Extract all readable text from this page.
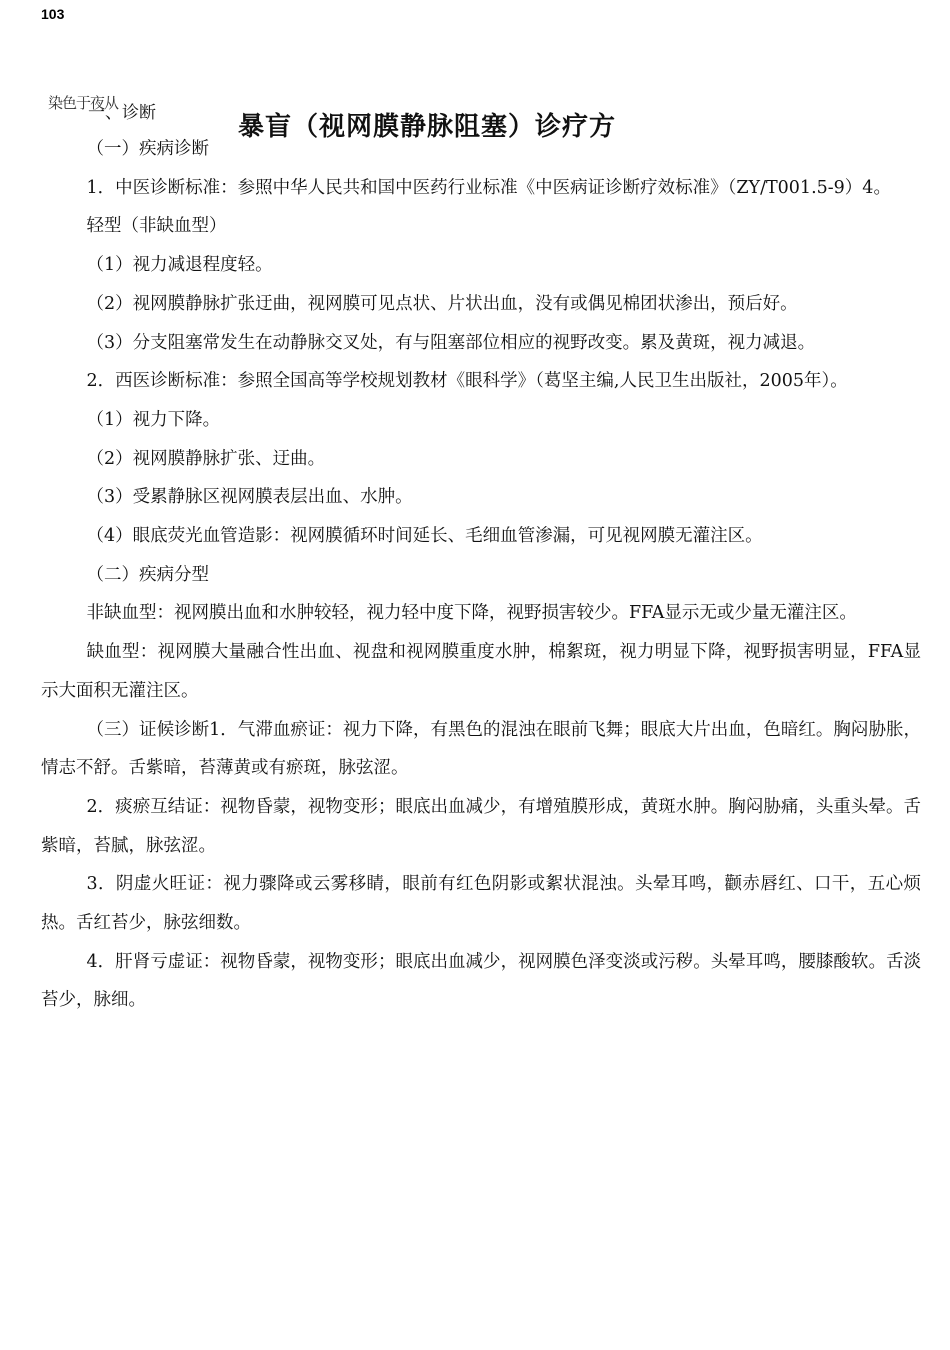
103
染色于夜从
一、诊断	暴盲（视网膜静脉阻塞）诊疗方

（一）疾病诊断

1．中医诊断标准：参照中华人民共和国中医药行业标准《中医病证诊断疗效标准》（ZY/T001.5-9）4。

轻型（非缺血型）

（1）视力减退程度轻。

（2）视网膜静脉扩张迂曲，视网膜可见点状、片状出血，没有或偶见棉团状渗出，预后好。

（3）分支阻塞常发生在动静脉交叉处，有与阻塞部位相应的视野改变。累及黄斑，视力减退。

2．西医诊断标准：参照全国高等学校规划教材《眼科学》（葛坚主编,人民卫生出版社，2005年）。

（1）视力下降。

（2）视网膜静脉扩张、迂曲。

（3）受累静脉区视网膜表层出血、水肿。

（4）眼底荧光血管造影：视网膜循环时间延长、毛细血管渗漏，可见视网膜无灌注区。

（二）疾病分型

非缺血型：视网膜出血和水肿较轻，视力轻中度下降，视野损害较少。FFA显示无或少量无灌注区。

缺血型：视网膜大量融合性出血、视盘和视网膜重度水肿，棉絮斑，视力明显下降，视野损害明显，FFA显示大面积无灌注区。

（三）证候诊断1．气滞血瘀证：视力下降，有黑色的混浊在眼前飞舞；眼底大片出血，色暗红。胸闷胁胀，情志不舒。舌紫暗，苔薄黄或有瘀斑，脉弦涩。

2．痰瘀互结证：视物昏蒙，视物变形；眼底出血减少，有增殖膜形成，黄斑水肿。胸闷胁痛，头重头晕。舌紫暗，苔腻，脉弦涩。

3．阴虚火旺证：视力骤降或云雾移睛，眼前有红色阴影或絮状混浊。头晕耳鸣，颧赤唇红、口干，五心烦热。舌红苔少，脉弦细数。

4．肝肾亏虚证：视物昏蒙，视物变形；眼底出血减少，视网膜色泽变淡或污秽。头晕耳鸣，腰膝酸软。舌淡苔少，脉细。
